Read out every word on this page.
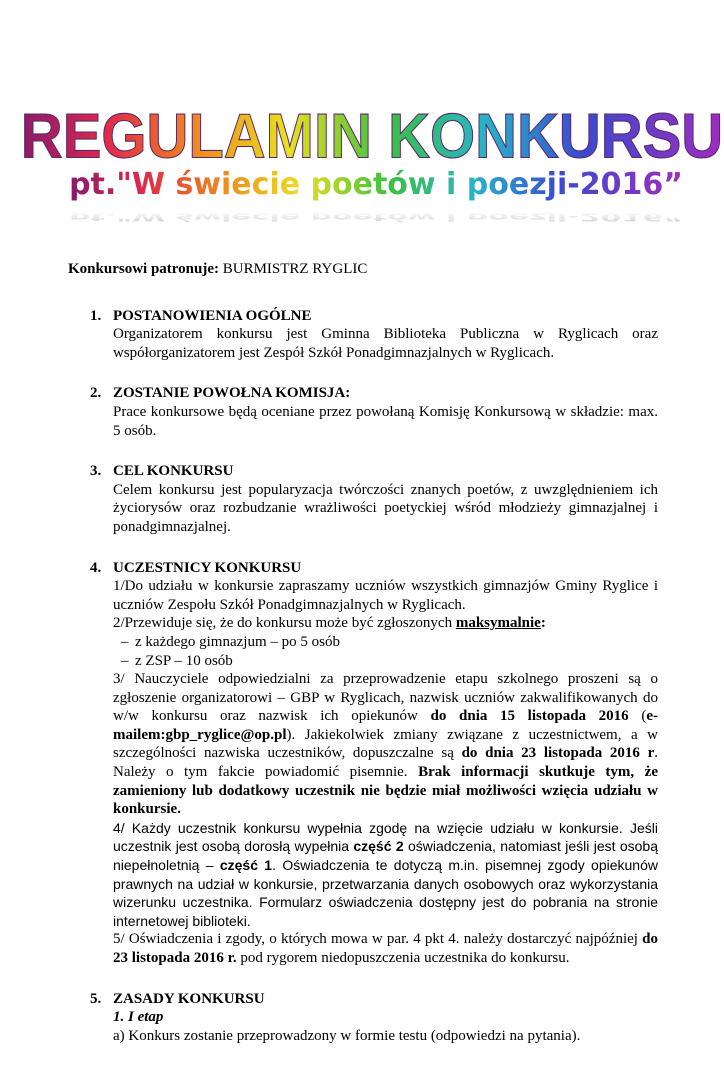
REGULAMIN KONKURSU
pt."W świecie poetów i poezji-2016”
pt."W świecie poetów i poezji-2016”

Konkursowi patronuje: BURMISTRZ RYGLIC

1. POSTANOWIENIA OGÓLNE

Organizatorem konkursu jest Gminna Biblioteka Publiczna w Ryglicach oraz współorganizatorem jest Zespół Szkół Ponadgimnazjalnych w Ryglicach.

2. ZOSTANIE POWOŁNA KOMISJA:

Prace konkursowe będą oceniane przez powołaną Komisję Konkursową w składzie: max. 5 osób.

3. CEL KONKURSU

Celem konkursu jest popularyzacja twórczości znanych poetów, z uwzględnieniem ich życiorysów oraz rozbudzanie wrażliwości poetyckiej wśród młodzieży gimnazjalnej i ponadgimnazjalnej.

4. UCZESTNICY KONKURSU

1/Do udziału w konkursie zapraszamy uczniów wszystkich gimnazjów Gminy Ryglice i uczniów Zespołu Szkół Ponadgimnazjalnych w Ryglicach.

2/Przewiduje się, że do konkursu może być zgłoszonych maksymalnie:

– z każdego gimnazjum – po 5 osób

– z ZSP – 10 osób

3/ Nauczyciele odpowiedzialni za przeprowadzenie etapu szkolnego proszeni są o zgłoszenie organizatorowi – GBP w Ryglicach, nazwisk uczniów zakwalifikowanych do w/w konkursu oraz nazwisk ich opiekunów do dnia 15 listopada 2016 (e-mailem:gbp_ryglice@op.pl). Jakiekolwiek zmiany związane z uczestnictwem, a w szczególności nazwiska uczestników, dopuszczalne są do dnia 23 listopada 2016 r. Należy o tym fakcie powiadomić pisemnie. Brak informacji skutkuje tym, że zamieniony lub dodatkowy uczestnik nie będzie miał możliwości wzięcia udziału w konkursie.

4/ Każdy uczestnik konkursu wypełnia zgodę na wzięcie udziału w konkursie. Jeśli uczestnik jest osobą dorosłą wypełnia część 2 oświadczenia, natomiast jeśli jest osobą niepełnoletnią – część 1. Oświadczenia te dotyczą m.in. pisemnej zgody opiekunów prawnych na udział w konkursie, przetwarzania danych osobowych oraz wykorzystania wizerunku uczestnika. Formularz oświadczenia dostępny jest do pobrania na stronie internetowej biblioteki.

5/ Oświadczenia i zgody, o których mowa w par. 4 pkt 4. należy dostarczyć najpóźniej do 23 listopada 2016 r. pod rygorem niedopuszczenia uczestnika do konkursu.

5. ZASADY KONKURSU

1. I etap

a) Konkurs zostanie przeprowadzony w formie testu (odpowiedzi na pytania).
